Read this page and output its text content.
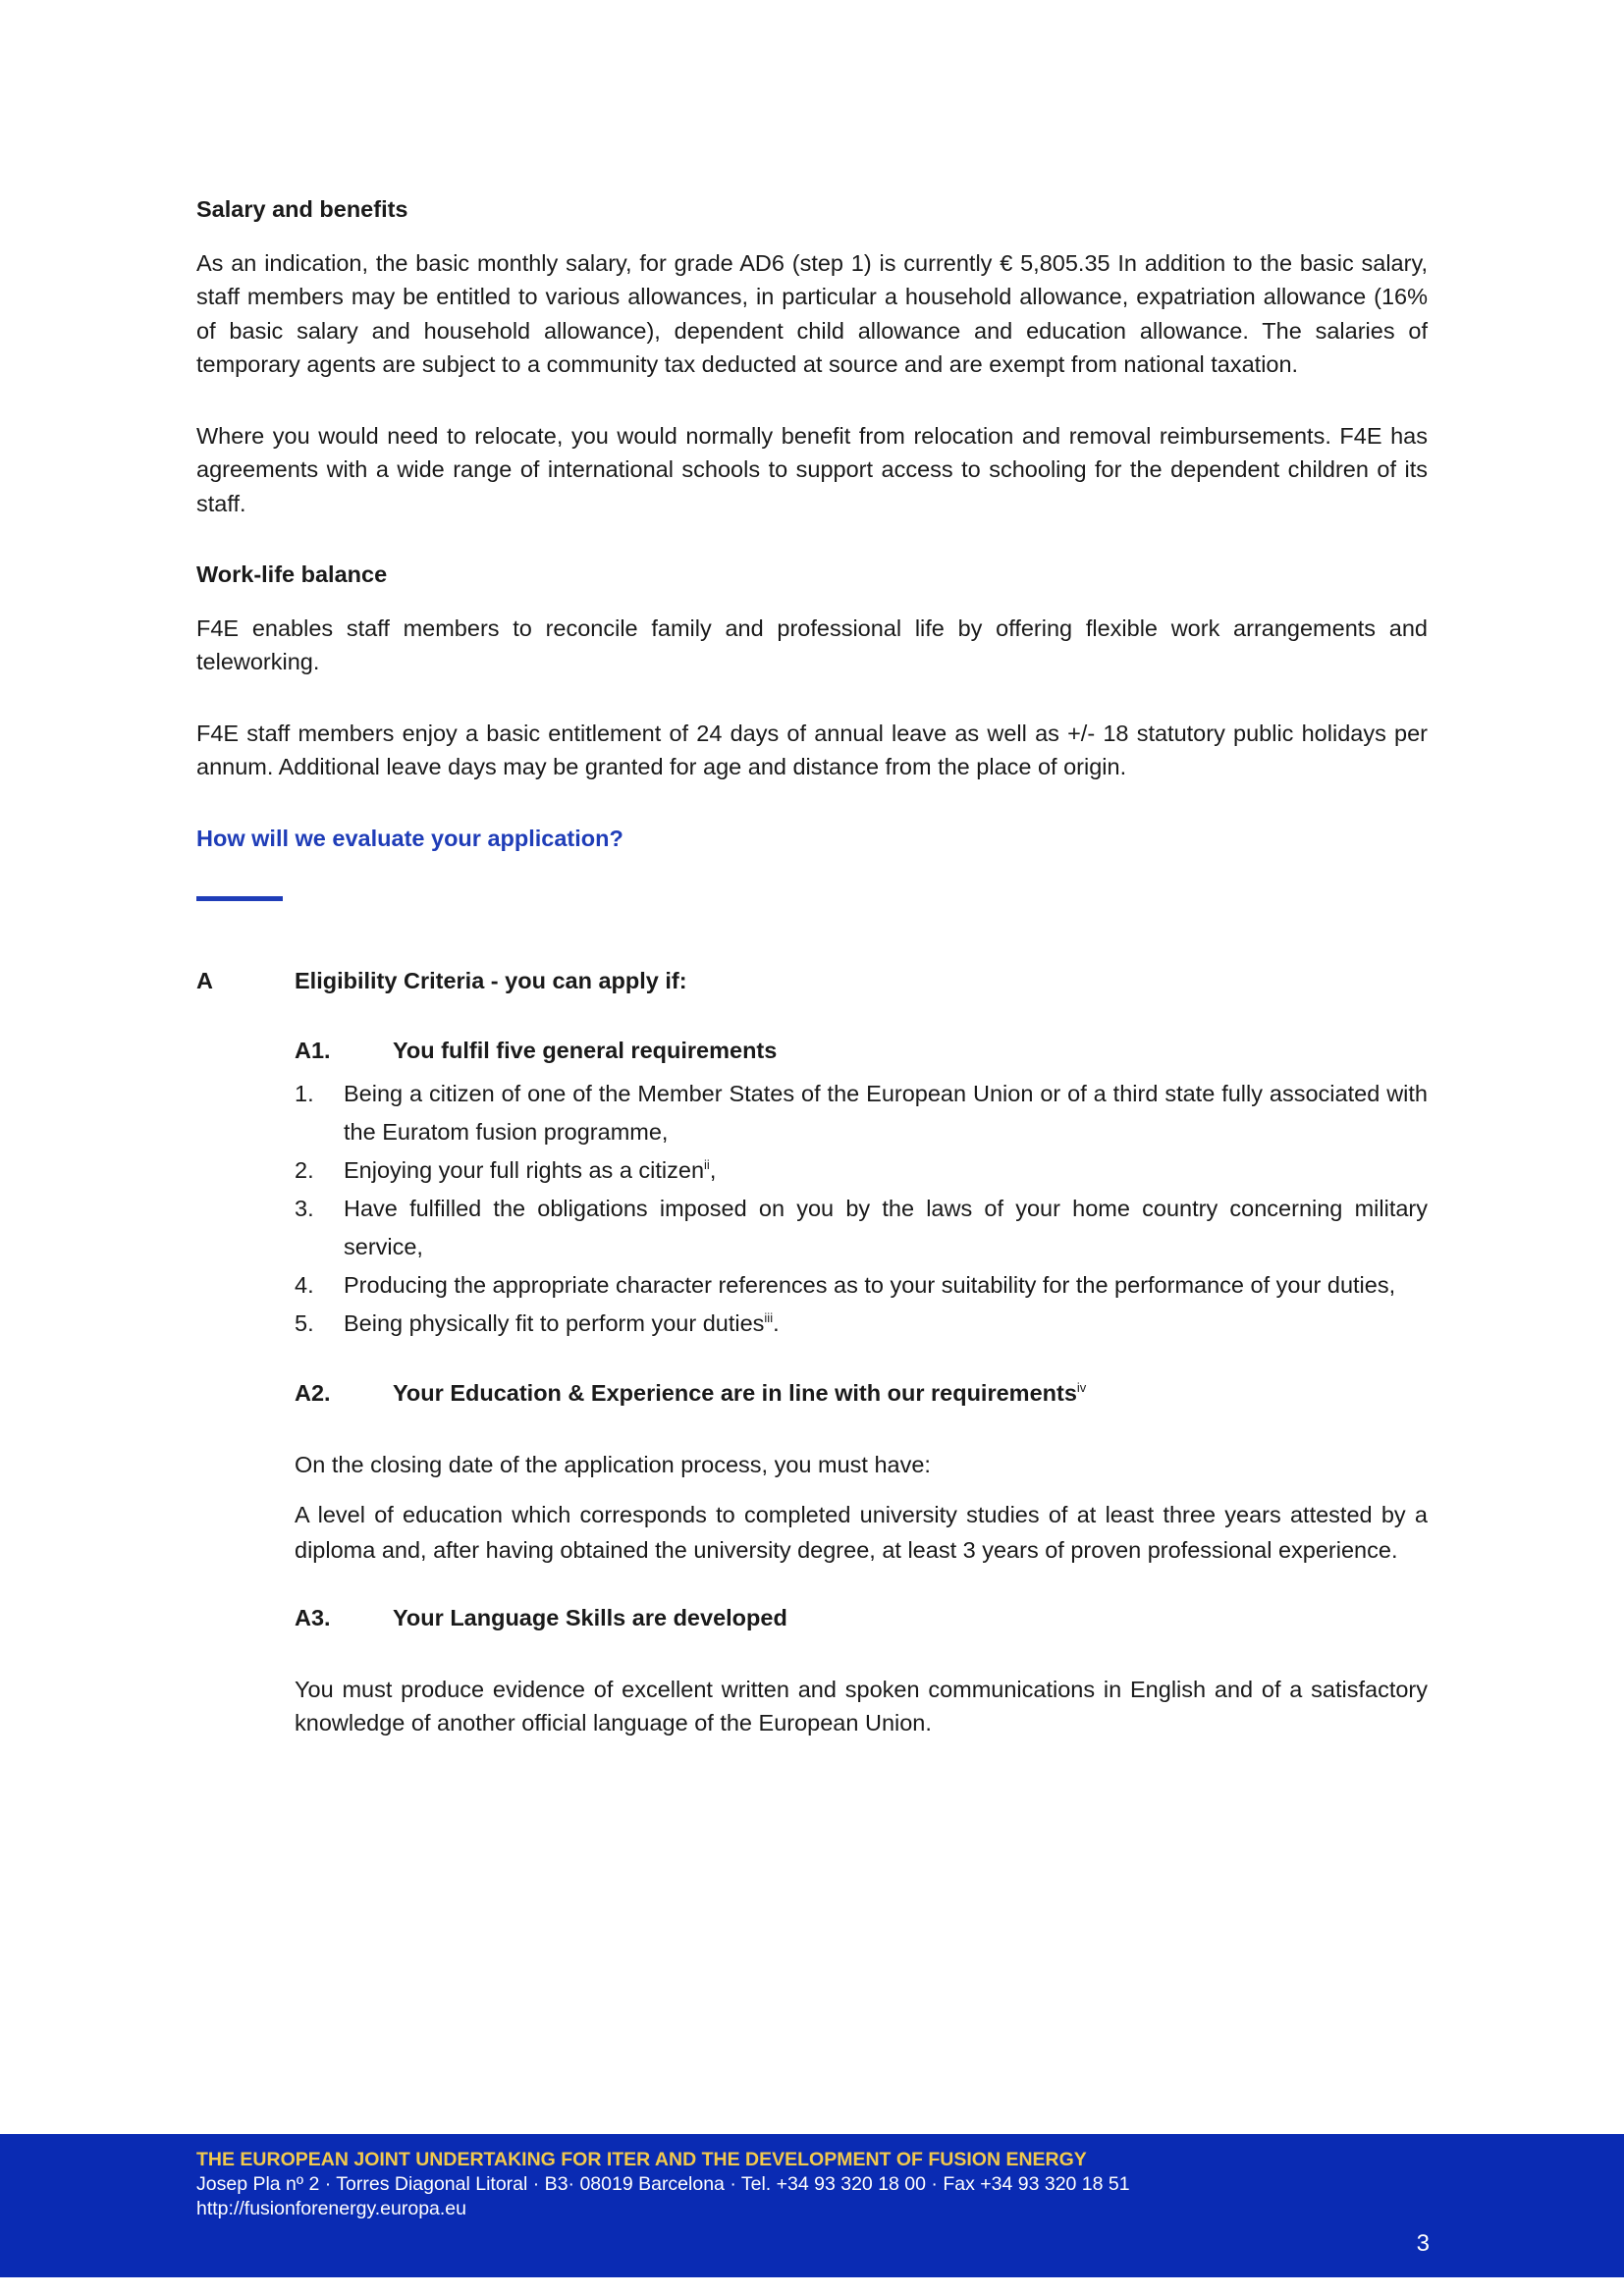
Salary and benefits

As an indication, the basic monthly salary, for grade AD6 (step 1) is currently € 5,805.35 In addition to the basic salary, staff members may be entitled to various allowances, in particular a household allowance, expatriation allowance (16% of basic salary and household allowance), dependent child allowance and education allowance. The salaries of temporary agents are subject to a community tax deducted at source and are exempt from national taxation.

Where you would need to relocate, you would normally benefit from relocation and removal reimbursements. F4E has agreements with a wide range of international schools to support access to schooling for the dependent children of its staff.

Work-life balance

F4E enables staff members to reconcile family and professional life by offering flexible work arrangements and teleworking.

F4E staff members enjoy a basic entitlement of 24 days of annual leave as well as +/- 18 statutory public holidays per annum. Additional leave days may be granted for age and distance from the place of origin.

How will we evaluate your application?
A	Eligibility Criteria - you can apply if:
A1.	You fulfil five general requirements
1.	Being a citizen of one of the Member States of the European Union or of a third state fully associated with the Euratom fusion programme,
2.	Enjoying your full rights as a citizen$^{ii}$,
3.	Have fulfilled the obligations imposed on you by the laws of your home country concerning military service,
4.	Producing the appropriate character references as to your suitability for the performance of your duties,
5.	Being physically fit to perform your duties$^{iii}$.
A2.	Your Education & Experience are in line with our requirements$^{iv}$

On the closing date of the application process, you must have:

A level of education which corresponds to completed university studies of at least three years attested by a diploma and, after having obtained the university degree, at least 3 years of proven professional experience.

A3.	Your Language Skills are developed

You must produce evidence of excellent written and spoken communications in English and of a satisfactory knowledge of another official language of the European Union.

THE EUROPEAN JOINT UNDERTAKING FOR ITER AND THE DEVELOPMENT OF FUSION ENERGY
Josep Pla nº 2 · Torres Diagonal Litoral · B3· 08019 Barcelona · Tel. +34 93 320 18 00 · Fax +34 93 320 18 51
http://fusionforenergy.europa.eu
3
